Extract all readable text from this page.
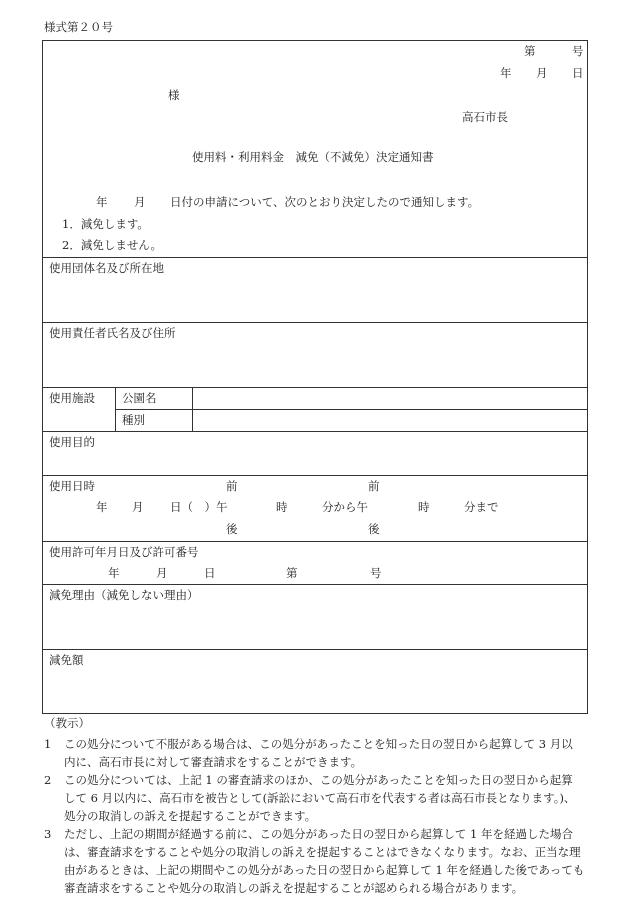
様式第２０号
第	号
年 月 日
様
高石市長
使用料・利用料金　減免（不減免）決定通知書
年 月 日付の申請について、次のとおり決定したので通知します。
1．減免します。
2．減免しません。
使用団体名及び所在地
使用責任者氏名及び住所
使用施設 公園名
種別
使用目的
使用日時	前	前
年 月 日（　）午	時	分から午	時	分まで
後	後
使用許可年月日及び許可番号
年	月	日	第	号
減免理由（減免しない理由）
減免額
（教示）
1	この処分について不服がある場合は、この処分があったことを知った日の翌日から起算して 3 月以
内に、高石市長に対して審査請求をすることができます。
2	この処分については、上記 1 の審査請求のほか、この処分があったことを知った日の翌日から起算
して 6 月以内に、高石市を被告として(訴訟において高石市を代表する者は高石市長となります。)、
処分の取消しの訴えを提起することができます。
3	ただし、上記の期間が経過する前に、この処分があった日の翌日から起算して 1 年を経過した場合
は、審査請求をすることや処分の取消しの訴えを提起することはできなくなります。なお、正当な理
由があるときは、上記の期間やこの処分があった日の翌日から起算して 1 年を経過した後であっても
審査請求をすることや処分の取消しの訴えを提起することが認められる場合があります。
